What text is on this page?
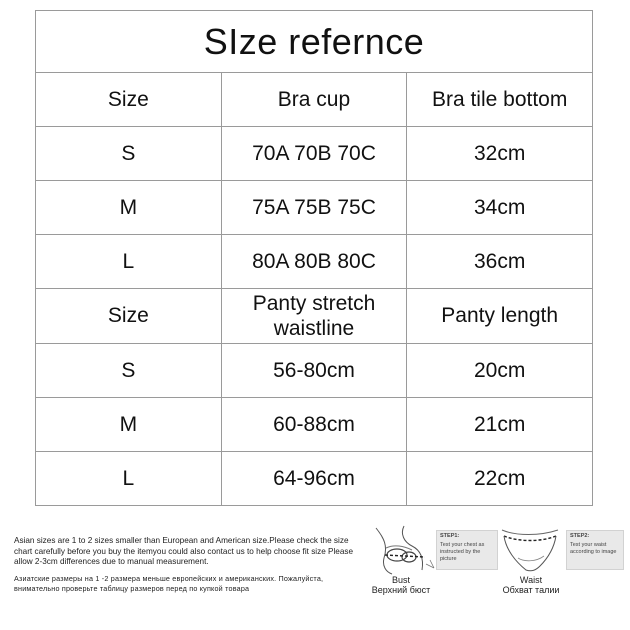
SIze refernce		
Size	Bra cup	Bra tile bottom
S	70A 70B 70C	32cm
M	75A 75B 75C	34cm
L	80A 80B 80C	36cm
Size	Panty stretch waistline	Panty length
S	56-80cm	20cm
M	60-88cm	21cm
L	64-96cm	22cm
Asian sizes are 1 to 2 sizes smaller than European and American size.Please check the size chart carefully before you buy the itemyou could also contact us to help choose fit size Please allow 2-3cm differences due to manual measurement.
Азиатские размеры на 1 -2 размера меньше европейских и американских. Пожалуйста, внимательно проверьте таблицу размеров перед по купкой товара
Bust
Верхний бюст
STEP1:
Test your chest as instructed by the picture
Waist
Обхват талии
STEP2:
Test your waist according to image
